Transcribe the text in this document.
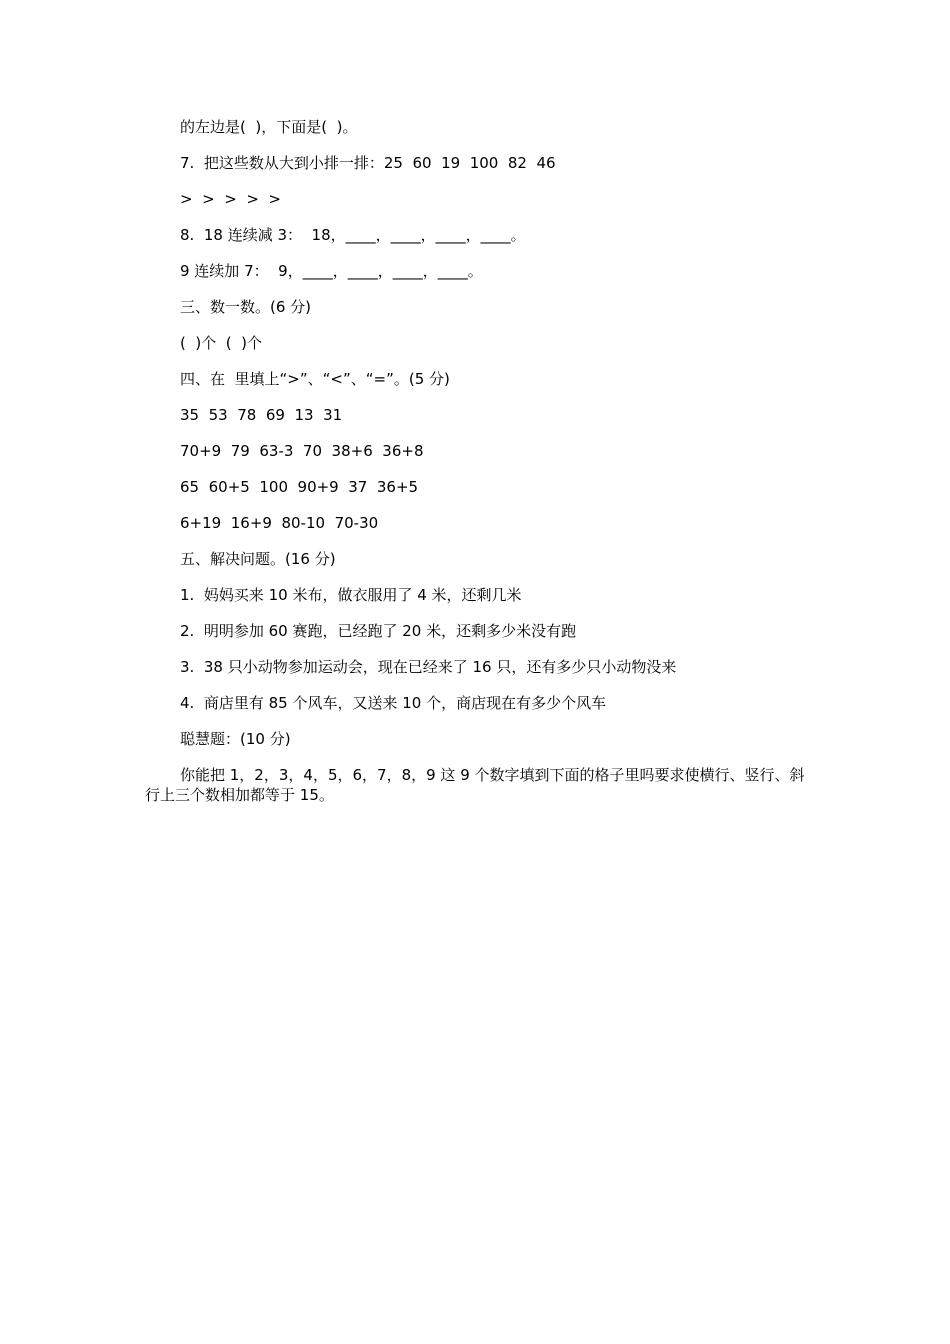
的左边是(  )，下面是(  )。
7.  把这些数从大到小排一排：25  60  19  100  82  46
>  >  >  >  >
8.  18 连续减 3：  18，____，____，____，____。
9 连续加 7：  9，____，____，____，____。
三、数一数。(6 分)
(  )个  (  )个
四、在  里填上“>”、“<”、“=”。(5 分)
35  53  78  69  13  31
70+9  79  63-3  70  38+6  36+8
65  60+5  100  90+9  37  36+5
6+19  16+9  80-10  70-30
五、解决问题。(16 分)
1.  妈妈买来 10 米布，做衣服用了 4 米，还剩几米
2.  明明参加 60 赛跑，已经跑了 20 米，还剩多少米没有跑
3.  38 只小动物参加运动会，现在已经来了 16 只，还有多少只小动物没来
4.  商店里有 85 个风车，又送来 10 个，商店现在有多少个风车
聪慧题：(10 分)
你能把 1，2，3，4，5，6，7，8，9 这 9 个数字填到下面的格子里吗要求使横行、竖行、斜行上三个数相加都等于 15。
